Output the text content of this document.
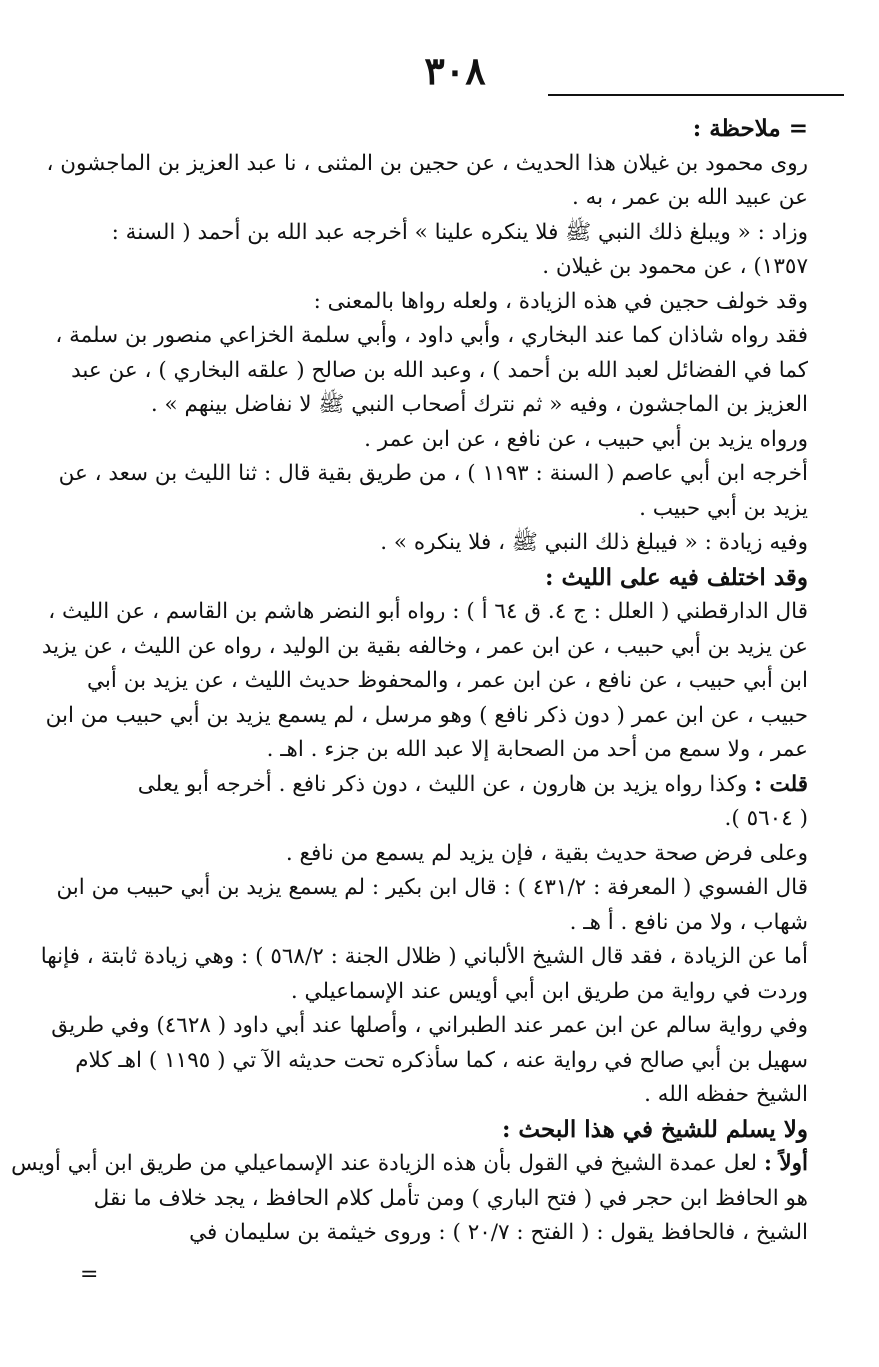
٣٠٨
= ملاحظة :
روى محمود بن غيلان هذا الحديث ، عن حجين بن المثنى ، نا عبد العزيز بن الماجشون ،
عن عبيد الله بن عمر ، به .
وزاد : « ويبلغ ذلك النبي ﷺ فلا ينكره علينا » أخرجه عبد الله بن أحمد ( السنة :
١٣٥٧) ، عن محمود بن غيلان .
وقد خولف حجين في هذه الزيادة ، ولعله رواها بالمعنى :
فقد رواه شاذان كما عند البخاري ، وأبي داود ، وأبي سلمة الخزاعي منصور بن سلمة ،
كما في الفضائل لعبد الله بن أحمد ) ، وعبد الله بن صالح ( علقه البخاري ) ، عن عبد
العزيز بن الماجشون ، وفيه « ثم نترك أصحاب النبي ﷺ لا نفاضل بينهم » .
ورواه يزيد بن أبي حبيب ، عن نافع ، عن ابن عمر .
أخرجه ابن أبي عاصم ( السنة : ١١٩٣ ) ، من طريق بقية قال : ثنا الليث بن سعد ، عن
يزيد بن أبي حبيب .
وفيه زيادة : « فيبلغ ذلك النبي ﷺ ، فلا ينكره » .
وقد اختلف فيه على الليث :
قال الدارقطني ( العلل : ج ٤. ق ٦٤ أ ) : رواه أبو النضر هاشم بن القاسم ، عن الليث ،
عن يزيد بن أبي حبيب ، عن ابن عمر ، وخالفه بقية بن الوليد ، رواه عن الليث ، عن يزيد
ابن أبي حبيب ، عن نافع ، عن ابن عمر ، والمحفوظ حديث الليث ، عن يزيد بن أبي
حبيب ، عن ابن عمر ( دون ذكر نافع ) وهو مرسل ، لم يسمع يزيد بن أبي حبيب من ابن
عمر ، ولا سمع من أحد من الصحابة إلا عبد الله بن جزء . اهـ .
قلت : وكذا رواه يزيد بن هارون ، عن الليث ، دون ذكر نافع . أخرجه أبو يعلى
( ٥٦٠٤ ).
وعلى فرض صحة حديث بقية ، فإن يزيد لم يسمع من نافع .
قال الفسوي ( المعرفة : ٤٣١/٢ ) : قال ابن بكير : لم يسمع يزيد بن أبي حبيب من ابن
شهاب ، ولا من نافع . أ هـ .
أما عن الزيادة ، فقد قال الشيخ الألباني ( ظلال الجنة : ٥٦٨/٢ ) : وهي زيادة ثابتة ، فإنها
وردت في رواية من طريق ابن أبي أويس عند الإسماعيلي .
وفي رواية سالم عن ابن عمر عند الطبراني ، وأصلها عند أبي داود ( ٤٦٢٨) وفي طريق
سهيل بن أبي صالح في رواية عنه ، كما سأذكره تحت حديثه الآ تي ( ١١٩٥ ) اهـ كلام
الشيخ حفظه الله .
ولا يسلم للشيخ في هذا البحث :
أولاً : لعل عمدة الشيخ في القول بأن هذه الزيادة عند الإسماعيلي من طريق ابن أبي أويس
هو الحافظ ابن حجر في ( فتح الباري ) ومن تأمل كلام الحافظ ، يجد خلاف ما نقل
الشيخ ، فالحافظ يقول : ( الفتح : ٢٠/٧ ) : وروى خيثمة بن سليمان في
=
